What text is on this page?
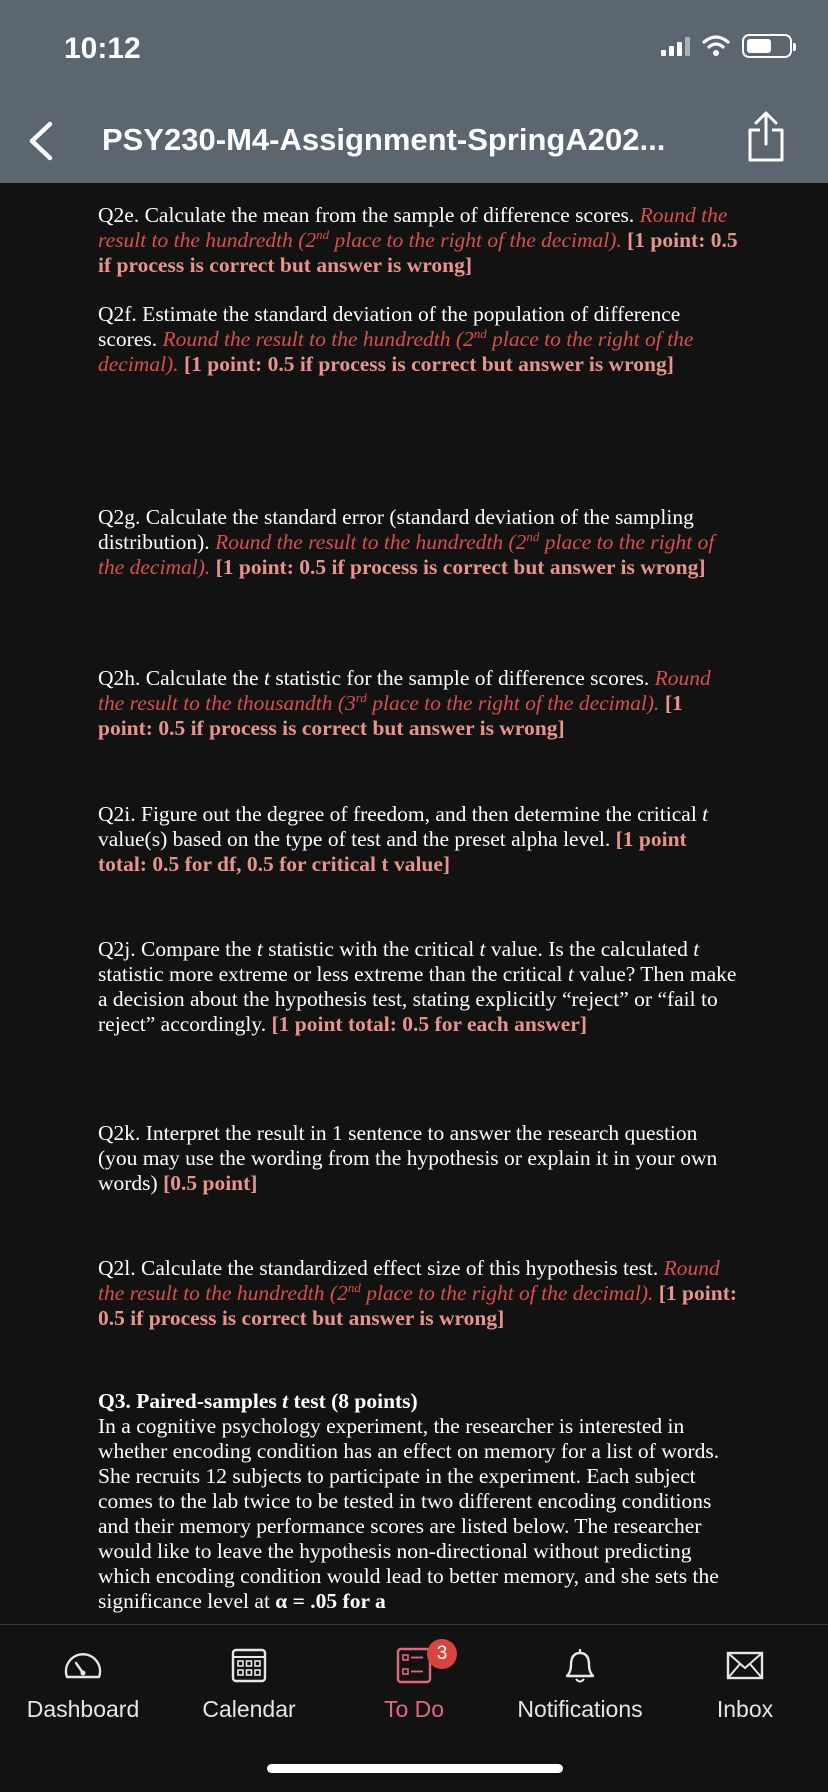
10:12
PSY230-M4-Assignment-SpringA202...
Q2e. Calculate the mean from the sample of difference scores. Round the result to the hundredth (2nd place to the right of the decimal). [1 point: 0.5 if process is correct but answer is wrong]
Q2f. Estimate the standard deviation of the population of difference scores. Round the result to the hundredth (2nd place to the right of the decimal). [1 point: 0.5 if process is correct but answer is wrong]
Q2g. Calculate the standard error (standard deviation of the sampling distribution). Round the result to the hundredth (2nd place to the right of the decimal). [1 point: 0.5 if process is correct but answer is wrong]
Q2h. Calculate the t statistic for the sample of difference scores. Round the result to the thousandth (3rd place to the right of the decimal). [1 point: 0.5 if process is correct but answer is wrong]
Q2i. Figure out the degree of freedom, and then determine the critical t value(s) based on the type of test and the preset alpha level. [1 point total: 0.5 for df, 0.5 for critical t value]
Q2j. Compare the t statistic with the critical t value. Is the calculated t statistic more extreme or less extreme than the critical t value? Then make a decision about the hypothesis test, stating explicitly “reject” or “fail to reject” accordingly. [1 point total: 0.5 for each answer]
Q2k. Interpret the result in 1 sentence to answer the research question (you may use the wording from the hypothesis or explain it in your own words) [0.5 point]
Q2l. Calculate the standardized effect size of this hypothesis test. Round the result to the hundredth (2nd place to the right of the decimal). [1 point: 0.5 if process is correct but answer is wrong]
Q3. Paired-samples t test (8 points)
In a cognitive psychology experiment, the researcher is interested in whether encoding condition has an effect on memory for a list of words. She recruits 12 subjects to participate in the experiment. Each subject comes to the lab twice to be tested in two different encoding conditions and their memory performance scores are listed below. The researcher would like to leave the hypothesis non-directional without predicting which encoding condition would lead to better memory, and she sets the significance level at α = .05 for a
Dashboard	Calendar
3
To Do	Notifications	Inbox
